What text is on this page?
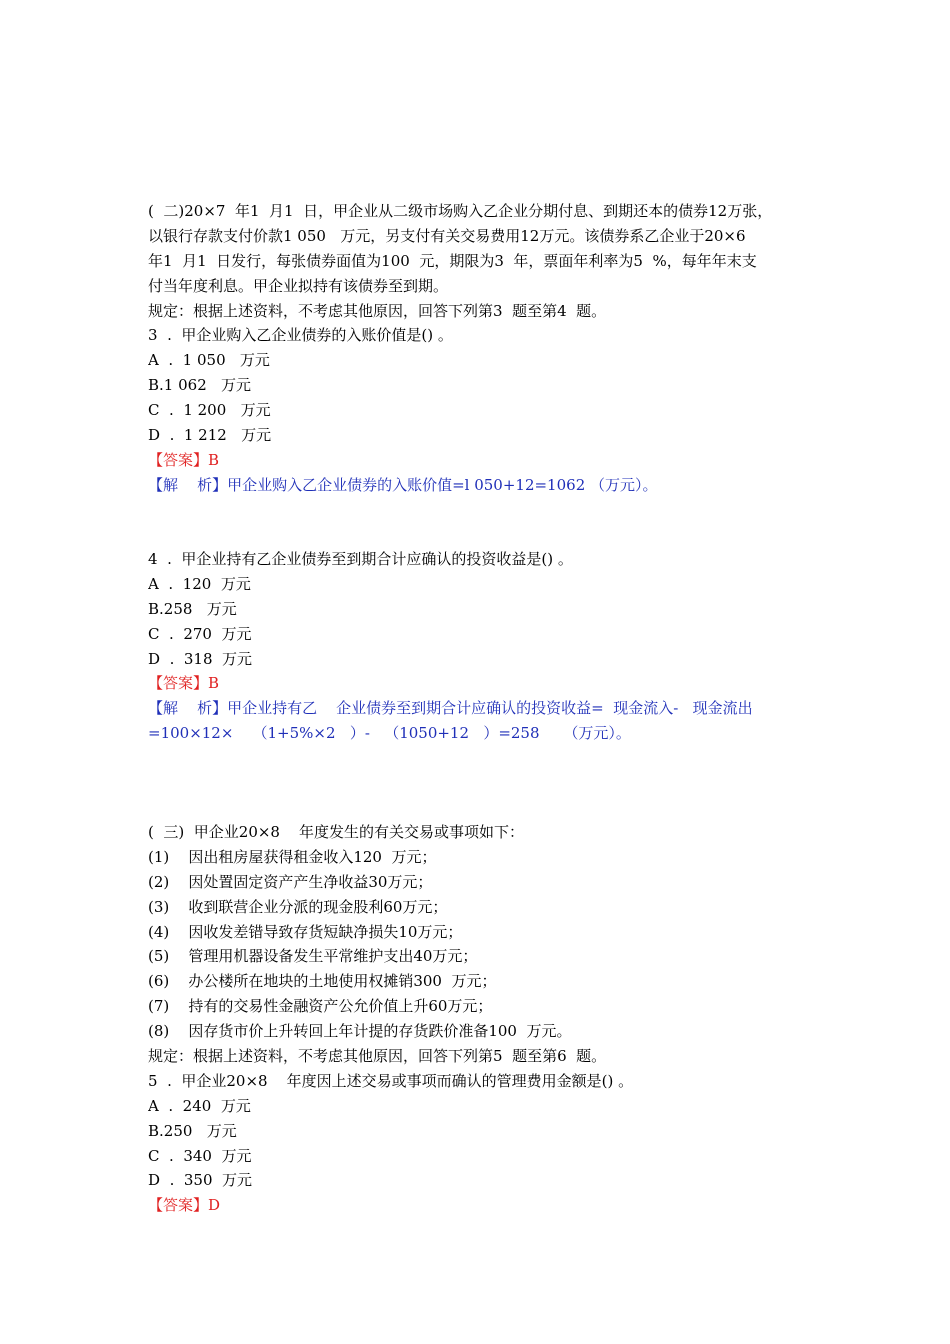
(  二)20×7  年1  月1  日，甲企业从二级市场购入乙企业分期付息、到期还本的债券12万张，
以银行存款支付价款1 050   万元，另支付有关交易费用12万元。该债券系乙企业于20×6
年1  月1  日发行，每张债券面值为100  元，期限为3  年，票面年利率为5  %，每年年末支
付当年度利息。甲企业拟持有该债券至到期。
规定：根据上述资料，不考虑其他原因，回答下列第3  题至第4  题。
3  .  甲企业购入乙企业债券的入账价值是() 。
A  .  1 050   万元
B.1 062   万元
C  .  1 200   万元
D  .  1 212   万元
【答案】B
【解    析】甲企业购入乙企业债券的入账价值=l 050+12=1062 （万元）。
4  .  甲企业持有乙企业债券至到期合计应确认的投资收益是() 。
A  .  120  万元
B.258   万元
C  .  270  万元
D  .  318  万元
【答案】B
【解    析】甲企业持有乙    企业债券至到期合计应确认的投资收益=  现金流入-   现金流出
=100×12×    （1+5%×2   ）-   （1050+12   ）=258     （万元）。
(  三)  甲企业20×8    年度发生的有关交易或事项如下：
(1)    因出租房屋获得租金收入120  万元；
(2)    因处置固定资产产生净收益30万元；
(3)    收到联营企业分派的现金股利60万元；
(4)    因收发差错导致存货短缺净损失10万元；
(5)    管理用机器设备发生平常维护支出40万元；
(6)    办公楼所在地块的土地使用权摊销300  万元；
(7)    持有的交易性金融资产公允价值上升60万元；
(8)    因存货市价上升转回上年计提的存货跌价准备100  万元。
规定：根据上述资料，不考虑其他原因，回答下列第5  题至第6  题。
5  .  甲企业20×8    年度因上述交易或事项而确认的管理费用金额是() 。
A  .  240  万元
B.250   万元
C  .  340  万元
D  .  350  万元
【答案】D
